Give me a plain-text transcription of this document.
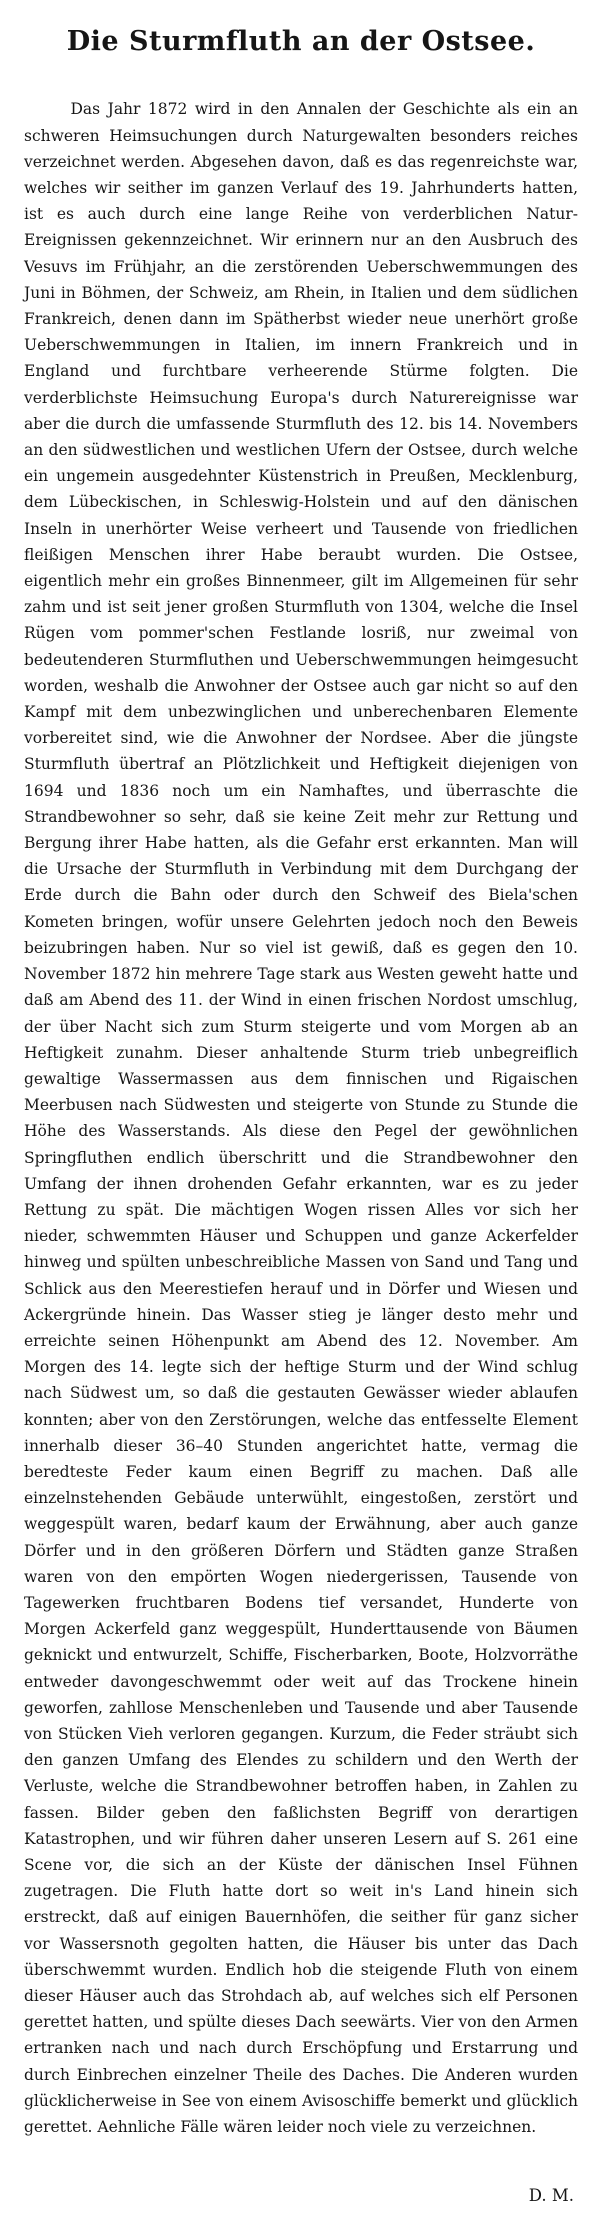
Die Sturmfluth an der Ostsee.

Das Jahr 1872 wird in den Annalen der Geschichte als ein an schweren Heimsuchungen durch Naturgewalten besonders reiches verzeichnet werden. Abgesehen davon, daß es das regenreichste war, welches wir seither im ganzen Verlauf des 19. Jahrhunderts hatten, ist es auch durch eine lange Reihe von verderblichen Natur-Ereignissen gekennzeichnet. Wir erinnern nur an den Ausbruch des Vesuvs im Frühjahr, an die zerstörenden Ueberschwemmungen des Juni in Böhmen, der Schweiz, am Rhein, in Italien und dem südlichen Frankreich, denen dann im Spätherbst wieder neue unerhört große Ueberschwemmungen in Italien, im innern Frankreich und in England und furchtbare verheerende Stürme folgten. Die verderblichste Heimsuchung Europa's durch Naturereignisse war aber die durch die umfassende Sturmfluth des 12. bis 14. Novembers an den südwestlichen und westlichen Ufern der Ostsee, durch welche ein ungemein ausgedehnter Küstenstrich in Preußen, Mecklenburg, dem Lübeckischen, in Schleswig-Holstein und auf den dänischen Inseln in unerhörter Weise verheert und Tausende von friedlichen fleißigen Menschen ihrer Habe beraubt wurden. Die Ostsee, eigentlich mehr ein großes Binnenmeer, gilt im Allgemeinen für sehr zahm und ist seit jener großen Sturmfluth von 1304, welche die Insel Rügen vom pommer'schen Festlande losriß, nur zweimal von bedeutenderen Sturmfluthen und Ueberschwemmungen heimgesucht worden, weshalb die Anwohner der Ostsee auch gar nicht so auf den Kampf mit dem unbezwinglichen und unberechenbaren Elemente vorbereitet sind, wie die Anwohner der Nordsee. Aber die jüngste Sturmfluth übertraf an Plötzlichkeit und Heftigkeit diejenigen von 1694 und 1836 noch um ein Namhaftes, und überraschte die Strandbewohner so sehr, daß sie keine Zeit mehr zur Rettung und Bergung ihrer Habe hatten, als die Gefahr erst erkannten. Man will die Ursache der Sturmfluth in Verbindung mit dem Durchgang der Erde durch die Bahn oder durch den Schweif des Biela'schen Kometen bringen, wofür unsere Gelehrten jedoch noch den Beweis beizubringen haben. Nur so viel ist gewiß, daß es gegen den 10. November 1872 hin mehrere Tage stark aus Westen geweht hatte und daß am Abend des 11. der Wind in einen frischen Nordost umschlug, der über Nacht sich zum Sturm steigerte und vom Morgen ab an Heftigkeit zunahm. Dieser anhaltende Sturm trieb unbegreiflich gewaltige Wassermassen aus dem finnischen und Rigaischen Meerbusen nach Südwesten und steigerte von Stunde zu Stunde die Höhe des Wasserstands. Als diese den Pegel der gewöhnlichen Springfluthen endlich überschritt und die Strandbewohner den Umfang der ihnen drohenden Gefahr erkannten, war es zu jeder Rettung zu spät. Die mächtigen Wogen rissen Alles vor sich her nieder, schwemmten Häuser und Schuppen und ganze Ackerfelder hinweg und spülten unbeschreibliche Massen von Sand und Tang und Schlick aus den Meerestiefen herauf und in Dörfer und Wiesen und Ackergründe hinein. Das Wasser stieg je länger desto mehr und erreichte seinen Höhenpunkt am Abend des 12. November. Am Morgen des 14. legte sich der heftige Sturm und der Wind schlug nach Südwest um, so daß die gestauten Gewässer wieder ablaufen konnten; aber von den Zerstörungen, welche das entfesselte Element innerhalb dieser 36–40 Stunden angerichtet hatte, vermag die beredteste Feder kaum einen Begriff zu machen. Daß alle einzelnstehenden Gebäude unterwühlt, eingestoßen, zerstört und weggespült waren, bedarf kaum der Erwähnung, aber auch ganze Dörfer und in den größeren Dörfern und Städten ganze Straßen waren von den empörten Wogen niedergerissen, Tausende von Tagewerken fruchtbaren Bodens tief versandet, Hunderte von Morgen Ackerfeld ganz weggespült, Hunderttausende von Bäumen geknickt und entwurzelt, Schiffe, Fischerbarken, Boote, Holzvorräthe entweder davongeschwemmt oder weit auf das Trockene hinein geworfen, zahllose Menschenleben und Tausende und aber Tausende von Stücken Vieh verloren gegangen. Kurzum, die Feder sträubt sich den ganzen Umfang des Elendes zu schildern und den Werth der Verluste, welche die Strandbewohner betroffen haben, in Zahlen zu fassen. Bilder geben den faßlichsten Begriff von derartigen Katastrophen, und wir führen daher unseren Lesern auf S. 261 eine Scene vor, die sich an der Küste der dänischen Insel Fühnen zugetragen. Die Fluth hatte dort so weit in's Land hinein sich erstreckt, daß auf einigen Bauernhöfen, die seither für ganz sicher vor Wassersnoth gegolten hatten, die Häuser bis unter das Dach überschwemmt wurden. Endlich hob die steigende Fluth von einem dieser Häuser auch das Strohdach ab, auf welches sich elf Personen gerettet hatten, und spülte dieses Dach seewärts. Vier von den Armen ertranken nach und nach durch Erschöpfung und Erstarrung und durch Einbrechen einzelner Theile des Daches. Die Anderen wurden glücklicherweise in See von einem Avisoschiffe bemerkt und glücklich gerettet. Aehnliche Fälle wären leider noch viele zu verzeichnen.

D. M.
